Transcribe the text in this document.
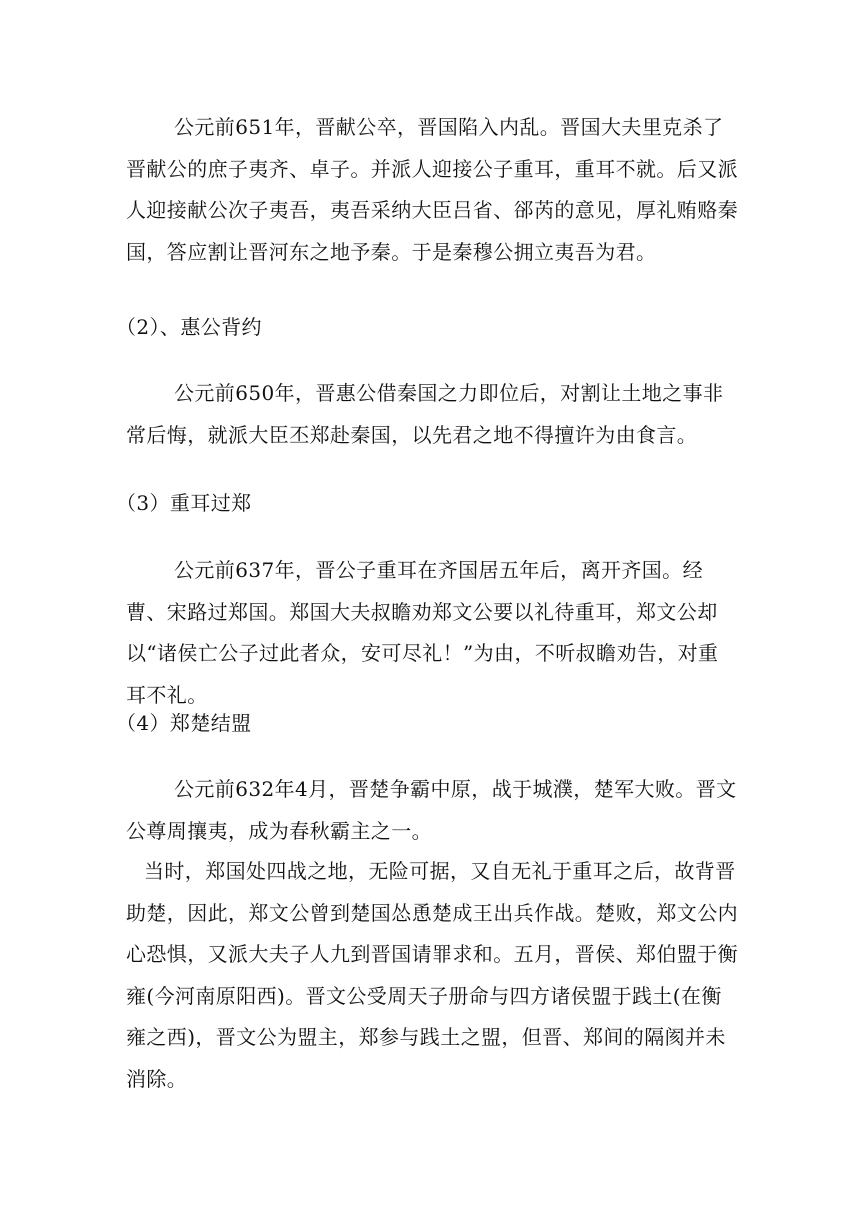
公元前651年，晋献公卒，晋国陷入内乱。晋国大夫里克杀了晋献公的庶子夷齐、卓子。并派人迎接公子重耳，重耳不就。后又派人迎接献公次子夷吾，夷吾采纳大臣吕省、郤芮的意见，厚礼贿赂秦国，答应割让晋河东之地予秦。于是秦穆公拥立夷吾为君。

（2）、惠公背约

公元前650年，晋惠公借秦国之力即位后，对割让土地之事非常后悔，就派大臣丕郑赴秦国，以先君之地不得擅许为由食言。

（3）重耳过郑

公元前637年，晋公子重耳在齐国居五年后，离开齐国。经曹、宋路过郑国。郑国大夫叔瞻劝郑文公要以礼待重耳，郑文公却以“诸侯亡公子过此者众，安可尽礼！”为由，不听叔瞻劝告，对重耳不礼。

（4）郑楚结盟

公元前632年4月，晋楚争霸中原，战于城濮，楚军大败。晋文公尊周攘夷，成为春秋霸主之一。

当时，郑国处四战之地，无险可据，又自无礼于重耳之后，故背晋助楚，因此，郑文公曾到楚国怂恿楚成王出兵作战。楚败，郑文公内心恐惧，又派大夫子人九到晋国请罪求和。五月，晋侯、郑伯盟于衡雍(今河南原阳西)。晋文公受周天子册命与四方诸侯盟于践土(在衡雍之西)，晋文公为盟主，郑参与践土之盟，但晋、郑间的隔阂并未消除。
